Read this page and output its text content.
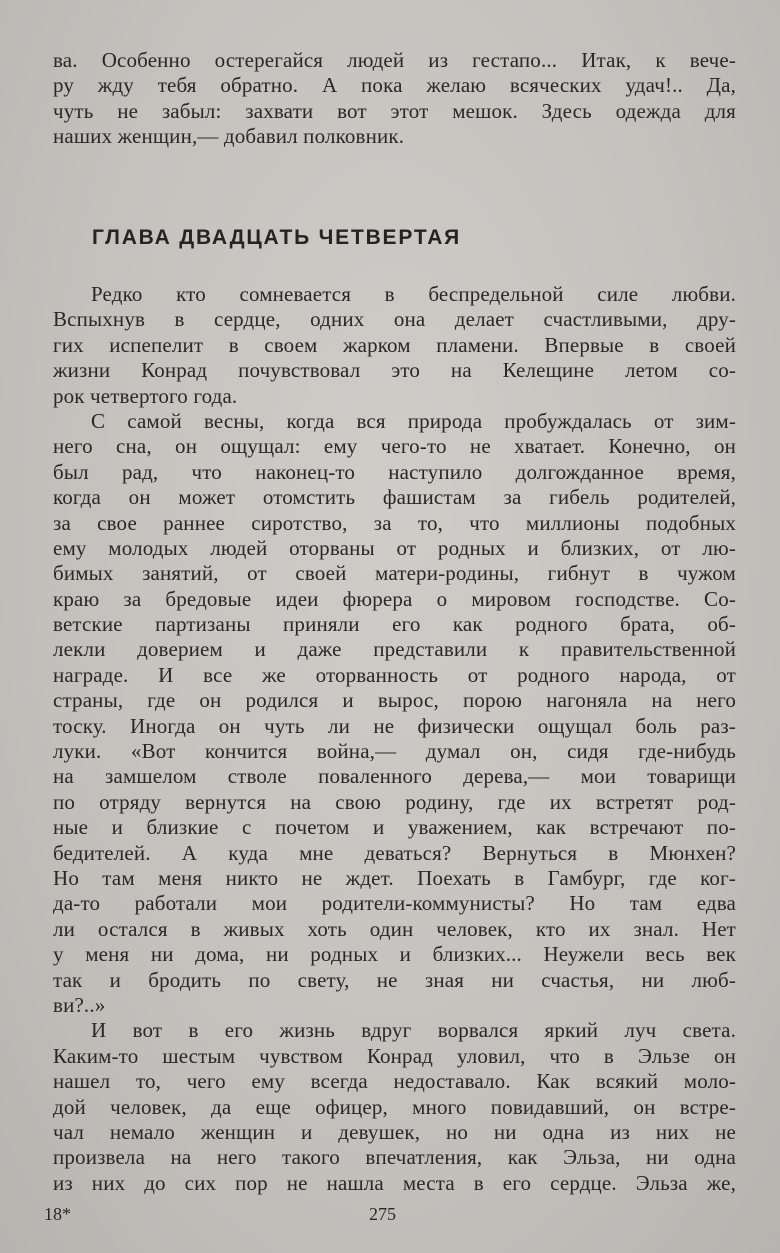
ва. Особенно остерегайся людей из гестапо... Итак, к вече-
ру жду тебя обратно. А пока желаю всяческих удач!.. Да,
чуть не забыл: захвати вот этот мешок. Здесь одежда для
наших женщин,— добавил полковник.
ГЛАВА ДВАДЦАТЬ ЧЕТВЕРТАЯ
Редко кто сомневается в беспредельной силе любви.
Вспыхнув в сердце, одних она делает счастливыми, дру-
гих испепелит в своем жарком пламени. Впервые в своей
жизни Конрад почувствовал это на Келещине летом со-
рок четвертого года.
С самой весны, когда вся природа пробуждалась от зим-
него сна, он ощущал: ему чего-то не хватает. Конечно, он
был рад, что наконец-то наступило долгожданное время,
когда он может отомстить фашистам за гибель родителей,
за свое раннее сиротство, за то, что миллионы подобных
ему молодых людей оторваны от родных и близких, от лю-
бимых занятий, от своей матери-родины, гибнут в чужом
краю за бредовые идеи фюрера о мировом господстве. Со-
ветские партизаны приняли его как родного брата, об-
лекли доверием и даже представили к правительственной
награде. И все же оторванность от родного народа, от
страны, где он родился и вырос, порою нагоняла на него
тоску. Иногда он чуть ли не физически ощущал боль раз-
луки. «Вот кончится война,— думал он, сидя где-нибудь
на замшелом стволе поваленного дерева,— мои товарищи
по отряду вернутся на свою родину, где их встретят род-
ные и близкие с почетом и уважением, как встречают по-
бедителей. А куда мне деваться? Вернуться в Мюнхен?
Но там меня никто не ждет. Поехать в Гамбург, где ког-
да-то работали мои родители-коммунисты? Но там едва
ли остался в живых хоть один человек, кто их знал. Нет
у меня ни дома, ни родных и близких... Неужели весь век
так и бродить по свету, не зная ни счастья, ни люб-
ви?..»
И вот в его жизнь вдруг ворвался яркий луч света.
Каким-то шестым чувством Конрад уловил, что в Эльзе он
нашел то, чего ему всегда недоставало. Как всякий моло-
дой человек, да еще офицер, много повидавший, он встре-
чал немало женщин и девушек, но ни одна из них не
произвела на него такого впечатления, как Эльза, ни одна
из них до сих пор не нашла места в его сердце. Эльза же,
18*	275
